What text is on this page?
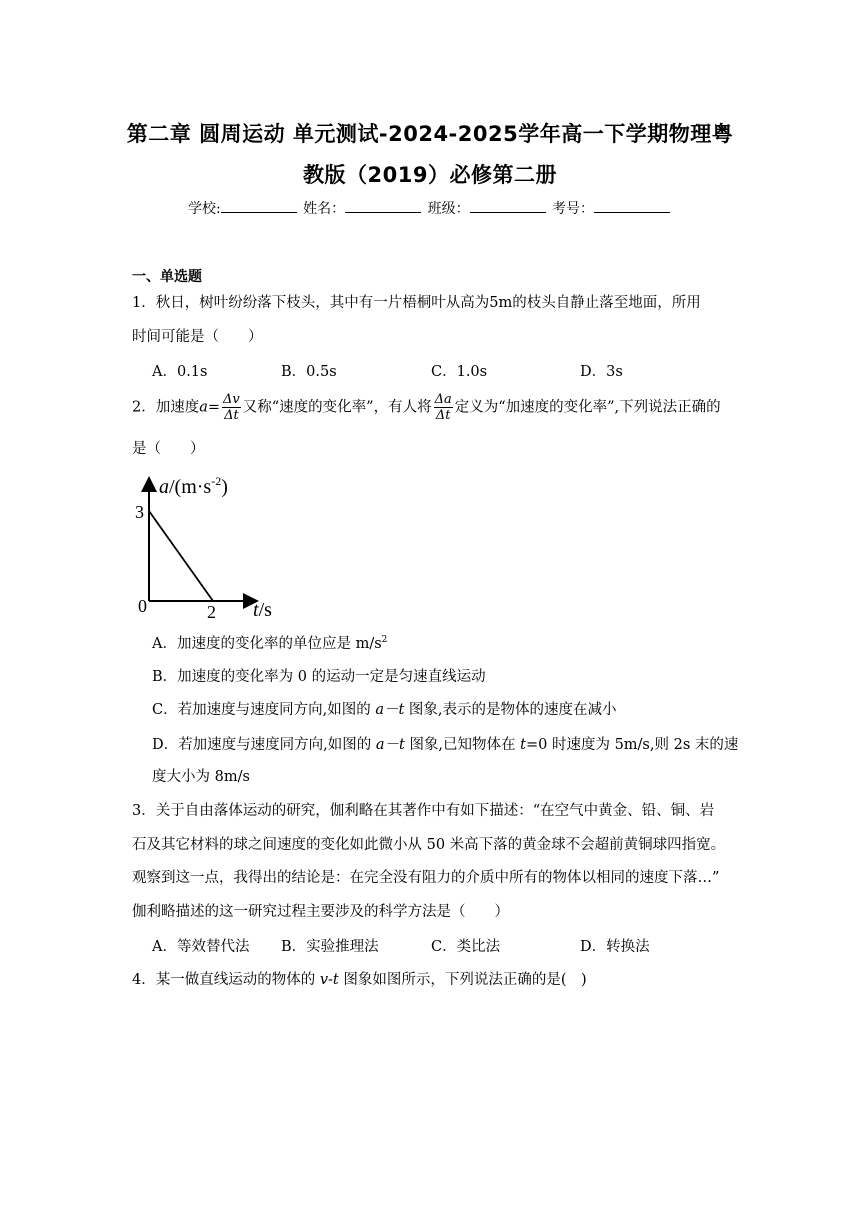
第二章 圆周运动 单元测试-2024-2025学年高一下学期物理粤
教版（2019）必修第二册
学校:	姓名：	班级：	考号：
一、单选题
1．秋日，树叶纷纷落下枝头，其中有一片梧桐叶从高为5m的枝头自静止落至地面，所用
时间可能是（　　）
A．0.1s	B．0.5s	C．1.0s	D．3s
2．加速度$a= \frac{\Delta v}{\Delta t}$ 又称“速度的变化率”，有人将 $\frac{\Delta a}{\Delta t}$ 定义为“加速度的变化率”,下列说法正确的
是（　　）
$a/(m\cdot s^{-2})$
3
0	2 t/s
A．加速度的变化率的单位应是 $m/s^2$
B．加速度的变化率为 0 的运动一定是匀速直线运动
C．若加速度与速度同方向,如图的 a－t 图象,表示的是物体的速度在减小
D．若加速度与速度同方向,如图的 a－t 图象,已知物体在 t=0 时速度为 5m/s,则 2s 末的速
度大小为 8m/s
3．关于自由落体运动的研究，伽利略在其著作中有如下描述：“在空气中黄金、铅、铜、岩
石及其它材料的球之间速度的变化如此微小从 50 米高下落的黄金球不会超前黄铜球四指宽。
观察到这一点，我得出的结论是：在完全没有阻力的介质中所有的物体以相同的速度下落…”
伽利略描述的这一研究过程主要涉及的科学方法是（　　）
A．等效替代法 B．实验推理法	C．类比法	D．转换法
4．某一做直线运动的物体的 v-t 图象如图所示，下列说法正确的是(　)
